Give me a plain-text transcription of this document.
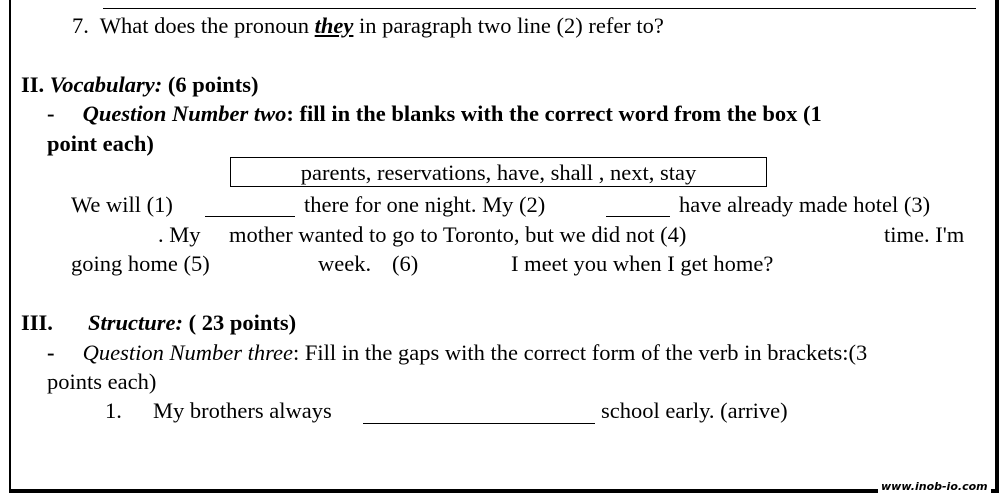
7. What does the pronoun they in paragraph two line (2) refer to?
II. Vocabulary: (6 points)
- Question Number two: fill in the blanks with the correct word from the box (1
point each)
parents, reservations, have, shall , next, stay
We will (1)	there for one night. My (2)	have already made hotel (3)
. My mother wanted to go to Toronto, but we did not (4)	time. I'm
going home (5)	week. (6)	I meet you when I get home?
III. Structure: ( 23 points)
- Question Number three: Fill in the gaps with the correct form of the verb in brackets:(3
points each)
1. My brothers always	school early. (arrive)
www.inob-io.com
